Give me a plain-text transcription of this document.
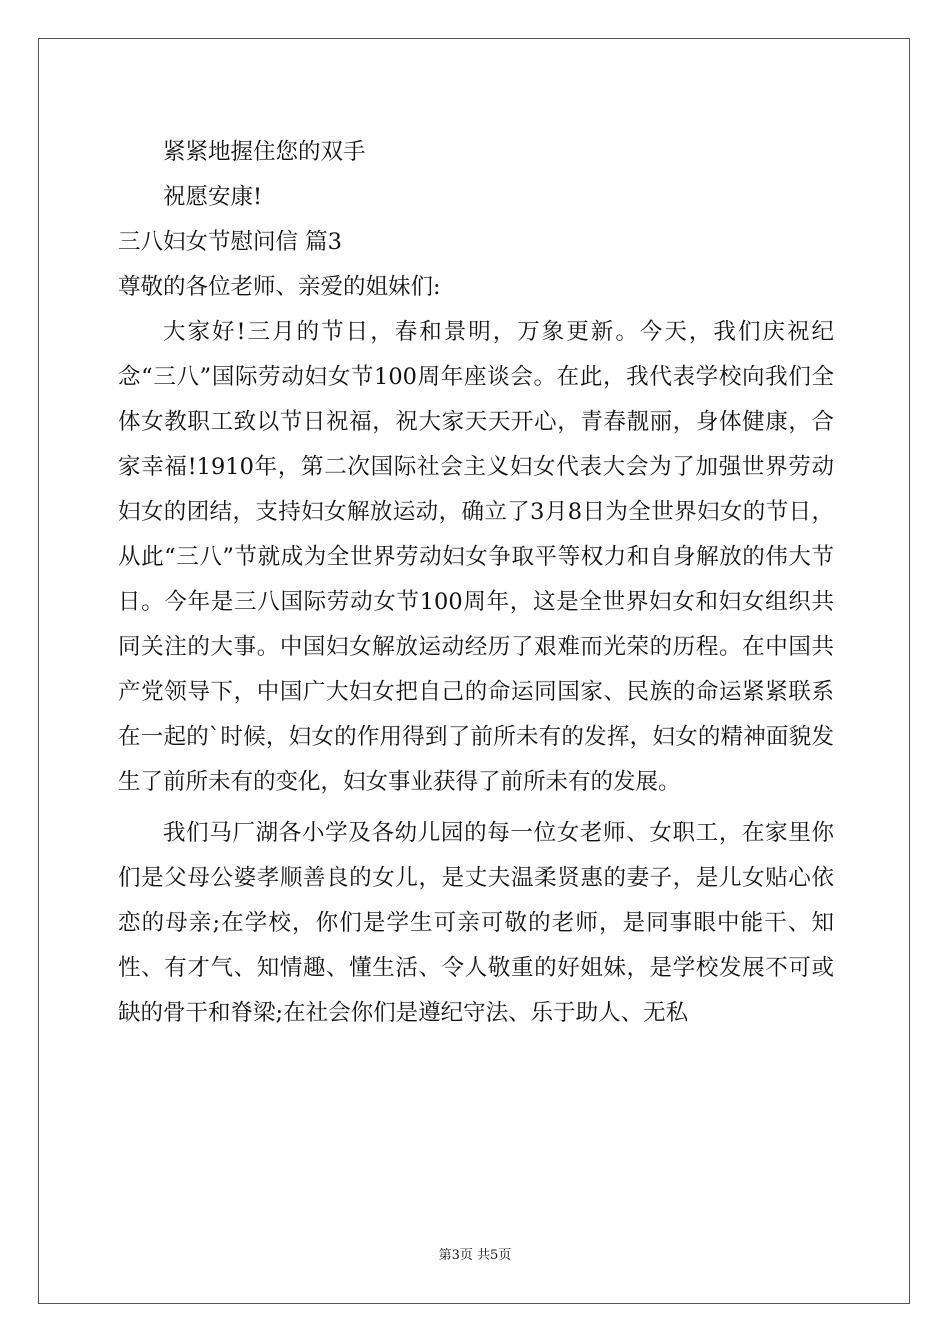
紧紧地握住您的双手

祝愿安康!

三八妇女节慰问信 篇3

尊敬的各位老师、亲爱的姐妹们:

大家好!三月的节日，春和景明，万象更新。今天，我们庆祝纪念“三八”国际劳动妇女节100周年座谈会。在此，我代表学校向我们全体女教职工致以节日祝福，祝大家天天开心，青春靓丽，身体健康，合家幸福!1910年，第二次国际社会主义妇女代表大会为了加强世界劳动妇女的团结，支持妇女解放运动，确立了3月8日为全世界妇女的节日，从此“三八”节就成为全世界劳动妇女争取平等权力和自身解放的伟大节日。今年是三八国际劳动女节100周年，这是全世界妇女和妇女组织共同关注的大事。中国妇女解放运动经历了艰难而光荣的历程。在中国共产党领导下，中国广大妇女把自己的命运同国家、民族的命运紧紧联系在一起的`时候，妇女的作用得到了前所未有的发挥，妇女的精神面貌发生了前所未有的变化，妇女事业获得了前所未有的发展。

我们马厂湖各小学及各幼儿园的每一位女老师、女职工，在家里你们是父母公婆孝顺善良的女儿，是丈夫温柔贤惠的妻子，是儿女贴心依恋的母亲;在学校，你们是学生可亲可敬的老师，是同事眼中能干、知性、有才气、知情趣、懂生活、令人敬重的好姐妹，是学校发展不可或缺的骨干和脊梁;在社会你们是遵纪守法、乐于助人、无私

第3页 共5页
